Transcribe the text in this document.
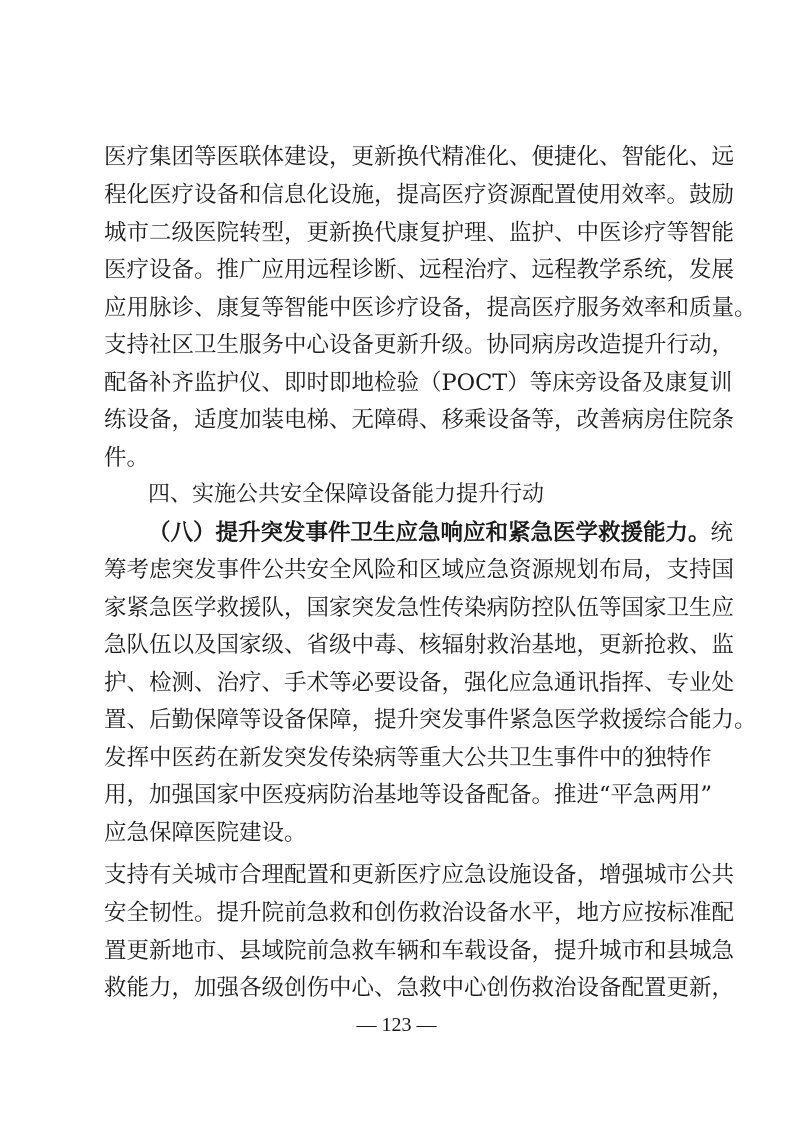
医疗集团等医联体建设，更新换代精准化、便捷化、智能化、远
程化医疗设备和信息化设施，提高医疗资源配置使用效率。鼓励
城市二级医院转型，更新换代康复护理、监护、中医诊疗等智能
医疗设备。推广应用远程诊断、远程治疗、远程教学系统，发展
应用脉诊、康复等智能中医诊疗设备，提高医疗服务效率和质量。
支持社区卫生服务中心设备更新升级。协同病房改造提升行动，
配备补齐监护仪、即时即地检验（POCT）等床旁设备及康复训
练设备，适度加装电梯、无障碍、移乘设备等，改善病房住院条
件。
四、实施公共安全保障设备能力提升行动
（八）提升突发事件卫生应急响应和紧急医学救援能力。统
筹考虑突发事件公共安全风险和区域应急资源规划布局，支持国
家紧急医学救援队，国家突发急性传染病防控队伍等国家卫生应
急队伍以及国家级、省级中毒、核辐射救治基地，更新抢救、监
护、检测、治疗、手术等必要设备，强化应急通讯指挥、专业处
置、后勤保障等设备保障，提升突发事件紧急医学救援综合能力。
发挥中医药在新发突发传染病等重大公共卫生事件中的独特作
用，加强国家中医疫病防治基地等设备配备。推进“平急两用”
应急保障医院建设。
支持有关城市合理配置和更新医疗应急设施设备，增强城市公共
安全韧性。提升院前急救和创伤救治设备水平，地方应按标准配
置更新地市、县域院前急救车辆和车载设备，提升城市和县城急
救能力，加强各级创伤中心、急救中心创伤救治设备配置更新，
— 123 —
